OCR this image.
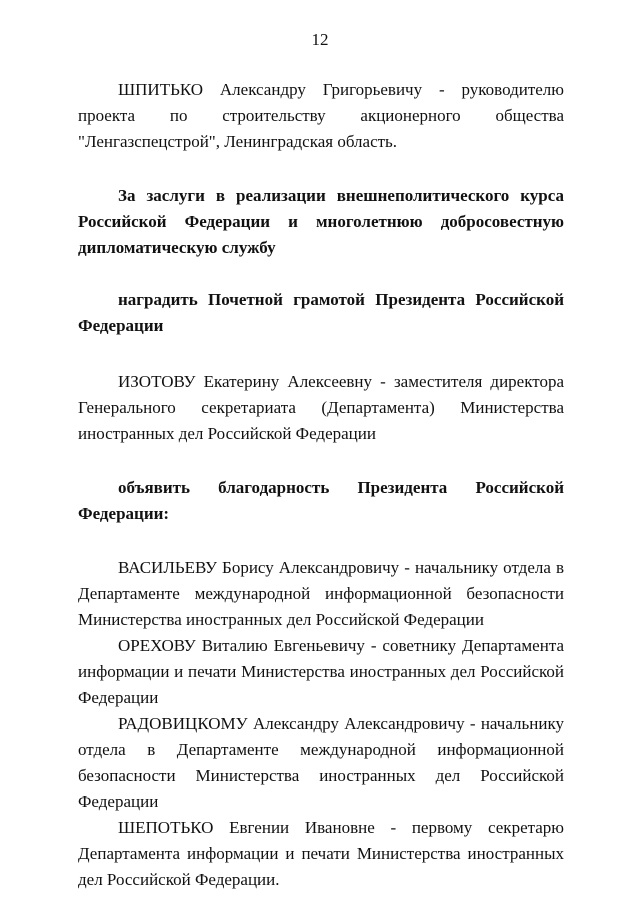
12

ШПИТЬКО Александру Григорьевичу - руководителю проекта по строительству акционерного общества "Ленгазспецстрой", Ленинградская область.

За заслуги в реализации внешнеполитического курса Российской Федерации и многолетнюю добросовестную дипломатическую службу

наградить Почетной грамотой Президента Российской Федерации

ИЗОТОВУ Екатерину Алексеевну - заместителя директора Генерального секретариата (Департамента) Министерства иностранных дел Российской Федерации

объявить благодарность Президента Российской Федерации:

ВАСИЛЬЕВУ Борису Александровичу - начальнику отдела в Департаменте международной информационной безопасности Министерства иностранных дел Российской Федерации

ОРЕХОВУ Виталию Евгеньевичу - советнику Департамента информации и печати Министерства иностранных дел Российской Федерации

РАДОВИЦКОМУ Александру Александровичу - начальнику отдела в Департаменте международной информационной безопасности Министерства иностранных дел Российской Федерации

ШЕПОТЬКО Евгении Ивановне - первому секретарю Департамента информации и печати Министерства иностранных дел Российской Федерации.
